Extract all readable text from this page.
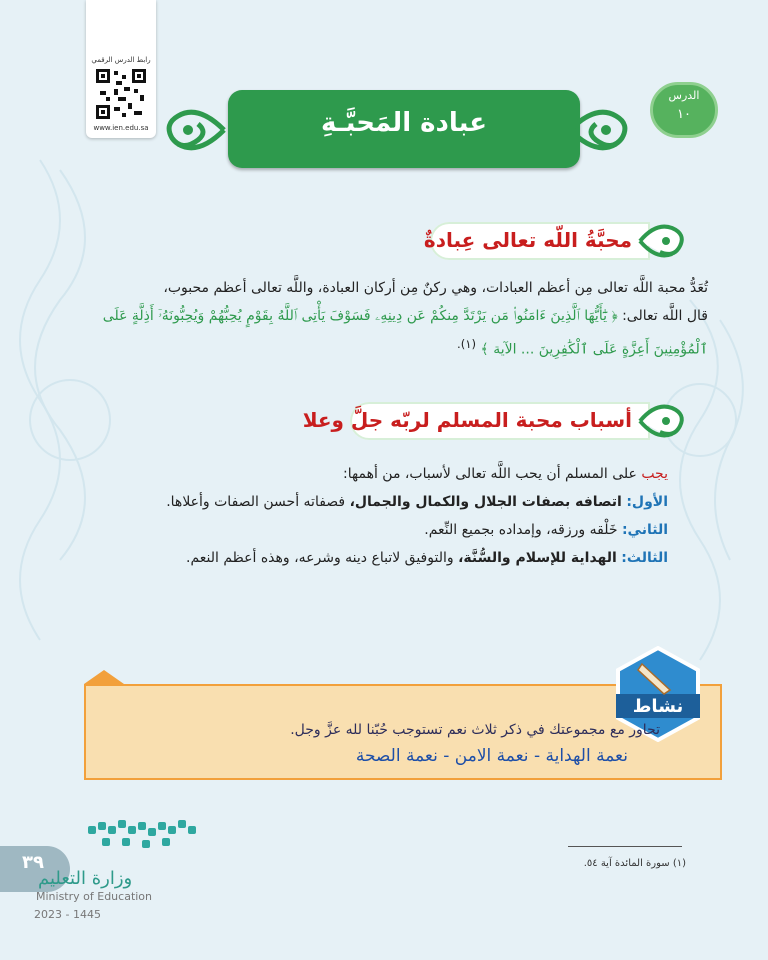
رابط الدرس الرقمي
www.ien.edu.sa	عبادة المَحبَّـةِ
الدرس
١٠
محبَّةُ اللّه تعالى عِبادةٌ
تُعَدُّ محبة اللَّه تعالى مِن أعظم العبادات، وهي ركنٌ مِن أركان العبادة، واللَّه تعالى أعظم محبوب،
قال اللَّه تعالى: ﴿ يَٰٓأَيُّهَا ٱلَّذِينَ ءَامَنُوا۟ مَن يَرْتَدَّ مِنكُمْ عَن دِينِهِۦ فَسَوْفَ يَأْتِى ٱللَّهُ بِقَوْمٍ يُحِبُّهُمْ وَيُحِبُّونَهُۥٓ أَذِلَّةٍ عَلَى
ٱلْمُؤْمِنِينَ أَعِزَّةٍ عَلَى ٱلْكَٰفِرِينَ ... الآية ﴾ $^{(١).}$
أسباب محبة المسلم لربّه جلَّ وعلا
يجب على المسلم أن يحب اللَّه تعالى لأسباب، من أهمها:
الأول: اتصافه بصفات الجلال والكمال والجمال، فصفاته أحسن الصفات وأعلاها.
الثاني: خَلْقه ورزقه، وإمداده بجميع النِّعم.
الثالث: الهداية للإسلام والسُّنَّة، والتوفيق لاتباع دينه وشرعه، وهذه أعظم النعم.
نشاط
تحاور مع مجموعتك في ذكر ثلاث نعم تستوجب حُبّنا لله عزَّ وجل.
نعمة الهداية - نعمة الامن - نعمة الصحة
(١) سورة المائدة آية ٥٤.
٣٩
وزارة التعليم
Ministry of Education
2023 - 1445
